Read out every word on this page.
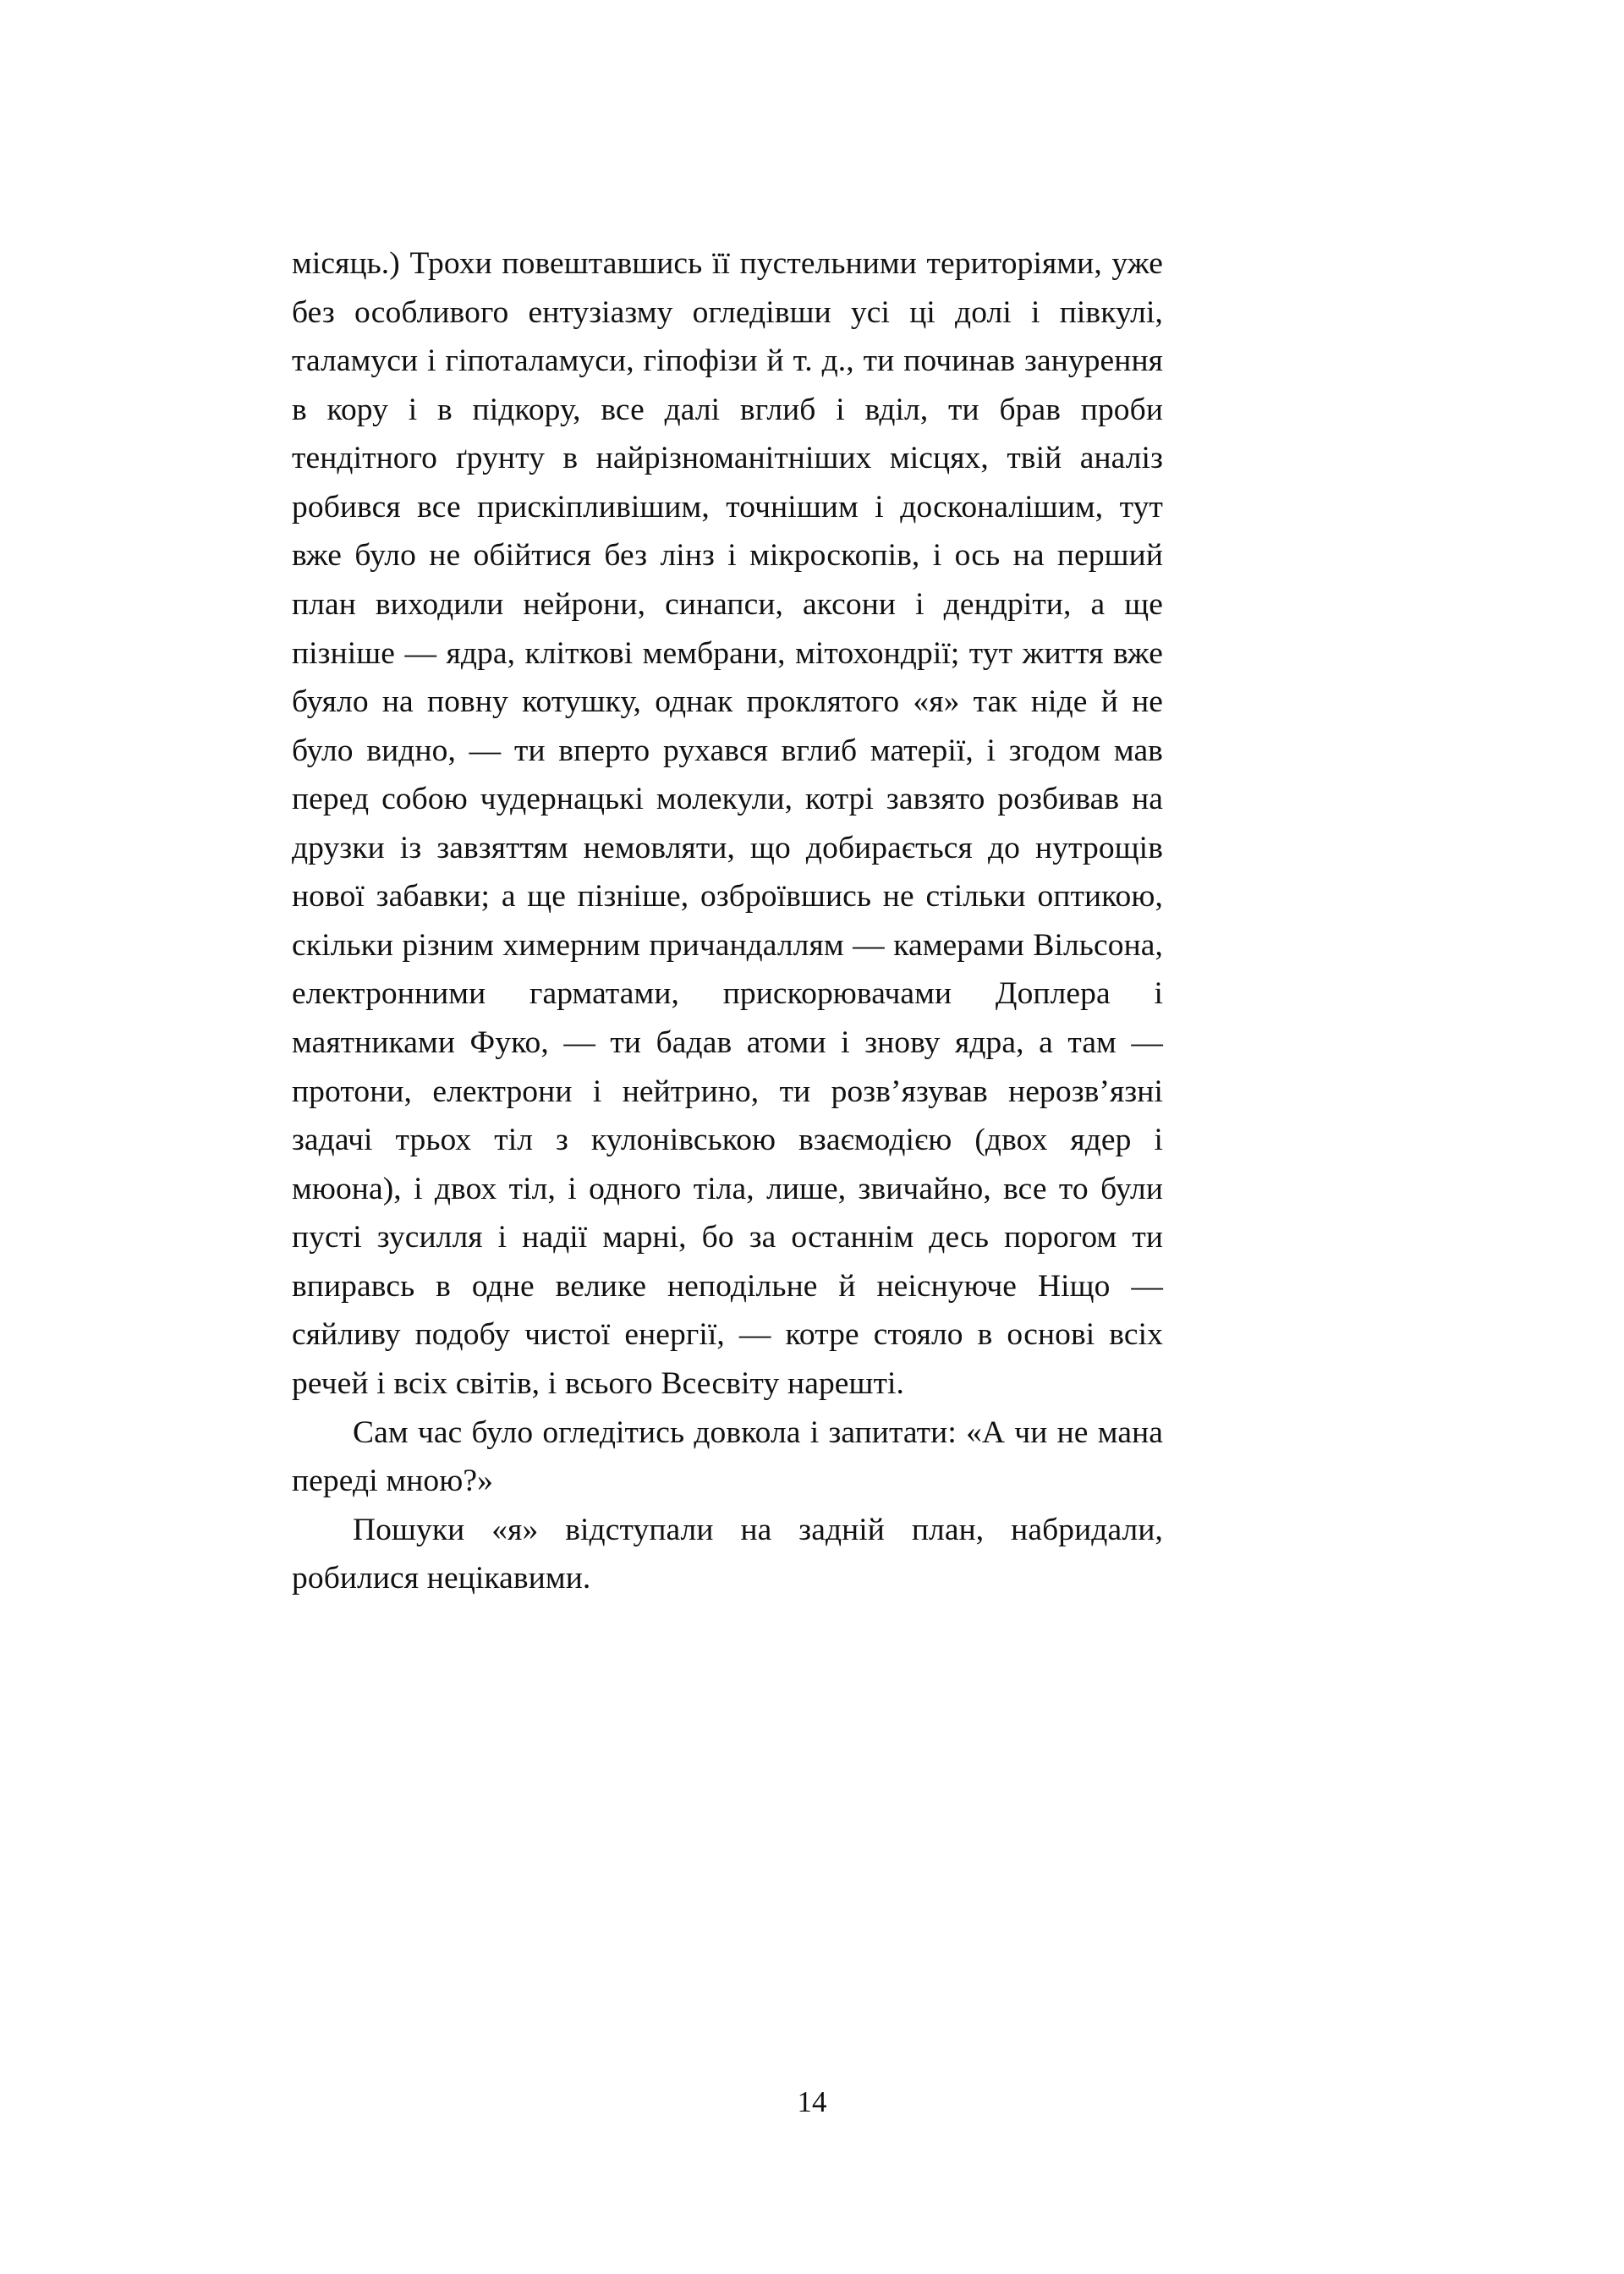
місяць.) Трохи повештавшись її пустельними територіями, уже без особливого ентузіазму огледівши усі ці долі і півкулі, таламуси і гіпоталамуси, гіпофізи й т. д., ти починав занурення в кору і в підкору, все далі вглиб і вділ, ти брав проби тендітного ґрунту в найрізноманітніших місцях, твій аналіз робився все прискіпливішим, точнішим і досконалішим, тут вже було не обійтися без лінз і мікроскопів, і ось на перший план виходили нейрони, синапси, аксони і дендріти, а ще пізніше — ядра, кліткові мембрани, мітохондрії; тут життя вже буяло на повну котушку, однак проклятого «я» так ніде й не було видно, — ти вперто рухався вглиб матерії, і згодом мав перед собою чудернацькі молекули, котрі завзято розбивав на друзки із завзяттям немовляти, що добирається до нутрощів нової забавки; а ще пізніше, озброївшись не стільки оптикою, скільки різним химерним причандаллям — камерами Вільсона, електронними гарматами, прискорювачами Доплера і маятниками Фуко, — ти бадав атоми і знову ядра, а там — протони, електрони і нейтрино, ти розв’язував нерозв’язні задачі трьох тіл з кулонівською взаємодією (двох ядер і мюона), і двох тіл, і одного тіла, лише, звичайно, все то були пусті зусилля і надії марні, бо за останнім десь порогом ти впиравсь в одне велике неподільне й неіснуюче Ніщо — сяйливу подобу чистої енергії, — котре стояло в основі всіх речей і всіх світів, і всього Всесвіту нарешті.

Сам час було огледітись довкола і запитати: «А чи не мана переді мною?»

Пошуки «я» відступали на задній план, набридали, робилися нецікавими.

14
